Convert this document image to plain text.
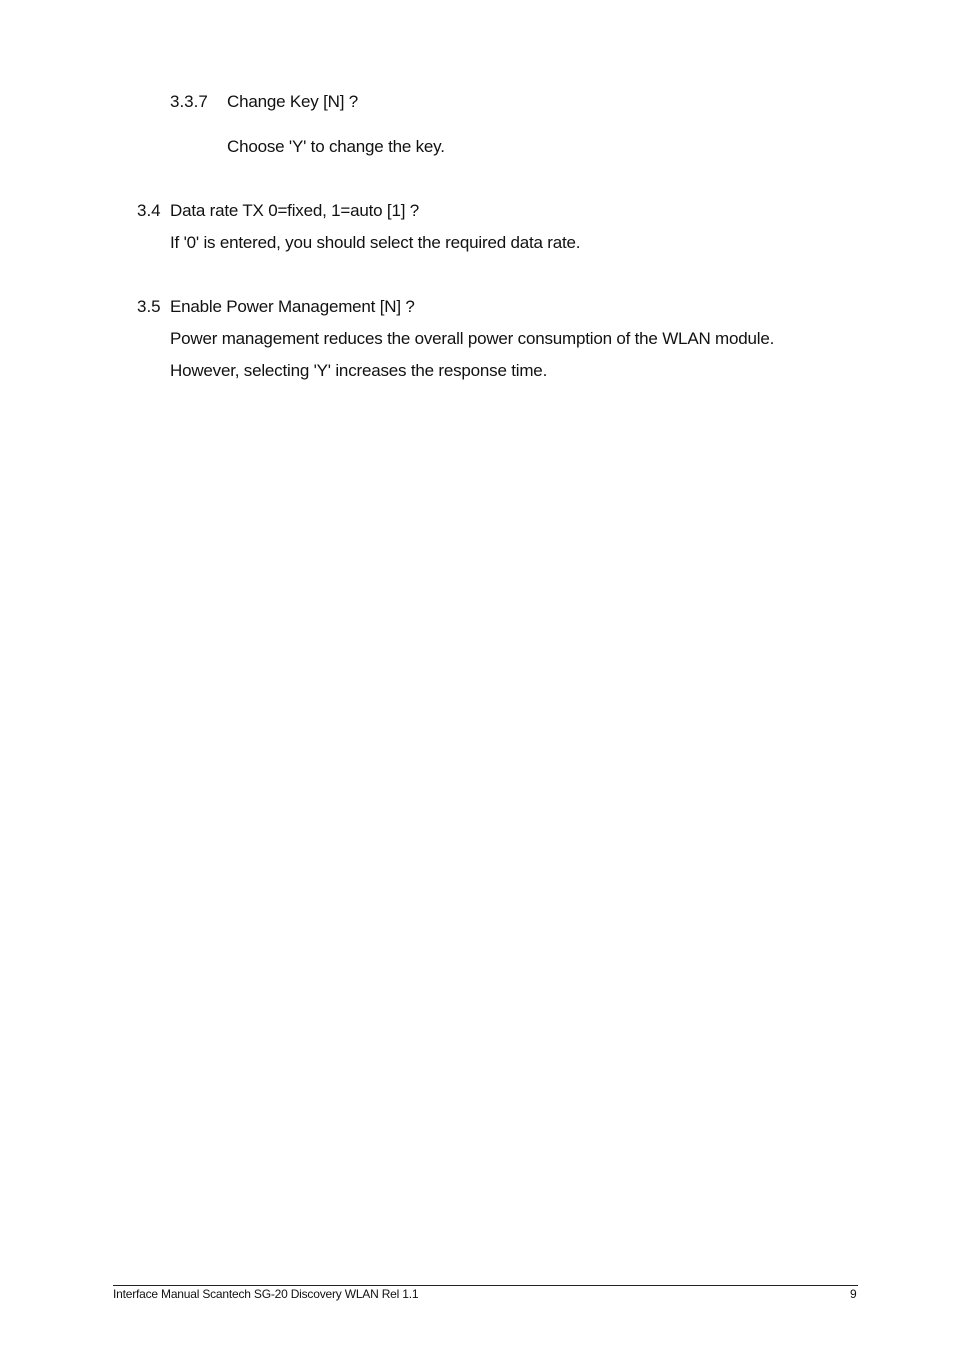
3.3.7 Change Key [N] ?
Choose 'Y' to change the key.
3.4 Data rate TX 0=fixed, 1=auto [1] ?
If '0' is entered, you should select the required data rate.
3.5 Enable Power Management [N] ?
Power management reduces the overall power consumption of the WLAN module.
However, selecting 'Y' increases the response time.
Interface Manual Scantech SG-20 Discovery WLAN Rel 1.1	9
